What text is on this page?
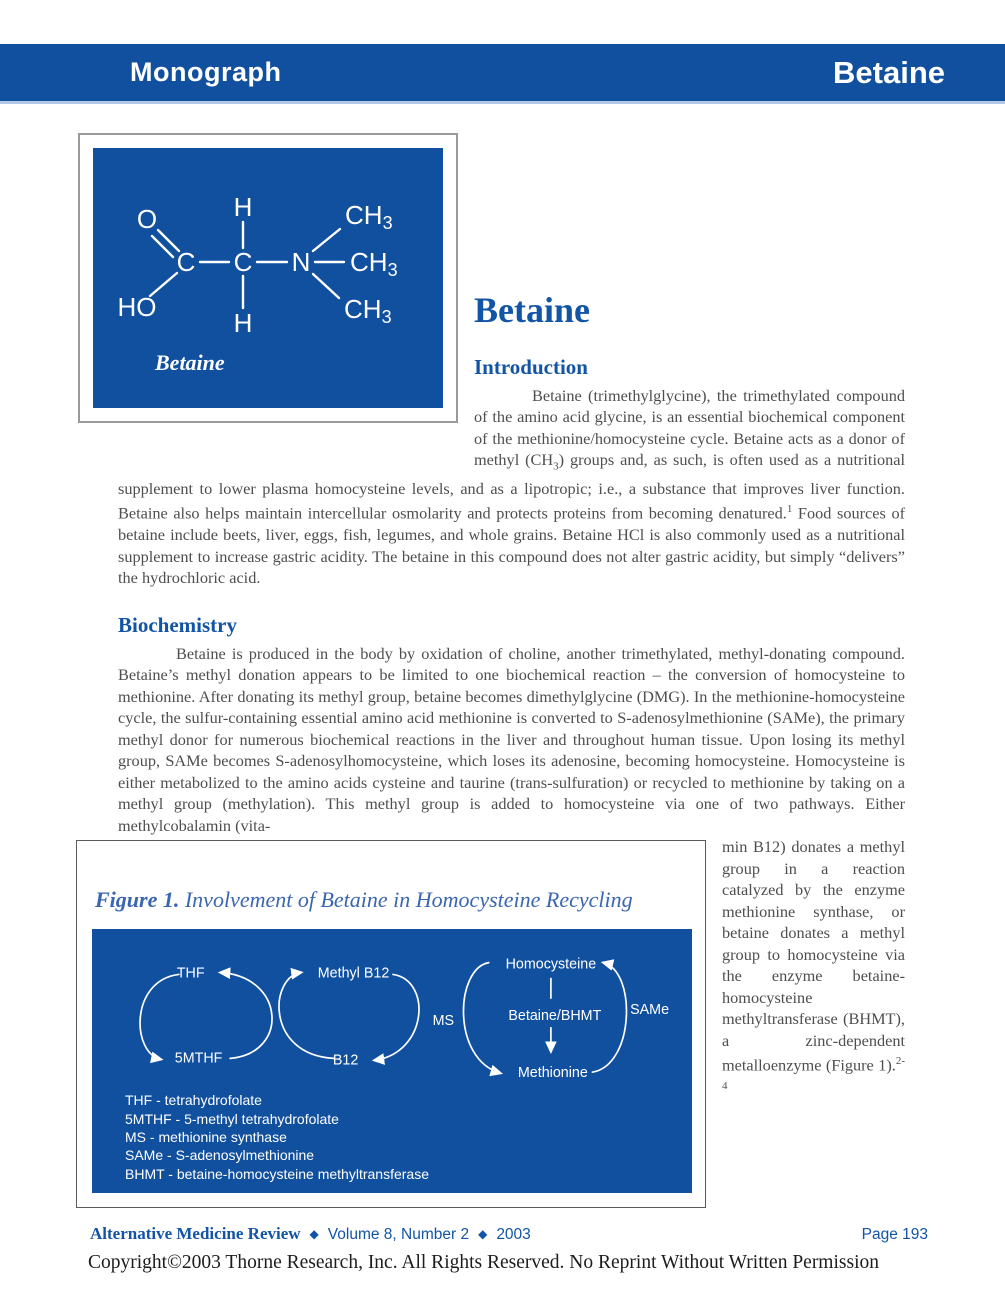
Monograph	Betaine
O
C
HO
H
C
H
N
CH3
CH3
CH3
Betaine
Betaine
Introduction

Betaine (trimethylglycine), the trimethylated compound of the amino acid glycine, is an essential biochemical component of the methionine/homocysteine cycle. Betaine acts as a donor of methyl $(CH_3)$ groups and, as such, is often used as a nutritional supplement to lower plasma homocysteine levels, and as a lipotropic; i.e., a substance that improves liver function. Betaine also helps maintain intercellular osmolarity and protects proteins from becoming denatured.$^1$ Food sources of betaine include beets, liver, eggs, fish, legumes, and whole grains. Betaine HCl is also commonly used as a nutritional supplement to increase gastric acidity. The betaine in this compound does not alter gastric acidity, but simply “delivers” the hydrochloric acid.

Biochemistry

Betaine is produced in the body by oxidation of choline, another trimethylated, methyl-donating compound. Betaine’s methyl donation appears to be limited to one biochemical reaction – the conversion of homocysteine to methionine. After donating its methyl group, betaine becomes dimethylglycine (DMG). In the methionine-homocysteine cycle, the sulfur-containing essential amino acid methionine is converted to S-adenosylmethionine (SAMe), the primary methyl donor for numerous biochemical reactions in the liver and throughout human tissue. Upon losing its methyl group, SAMe becomes S-adenosylhomocysteine, which loses its adenosine, becoming homocysteine. Homocysteine is either metabolized to the amino acids cysteine and taurine (trans-sulfuration) or recycled to methionine by taking on a methyl group (methylation). This methyl group is added to homocysteine via one of two pathways. Either methylcobalamin (vita-

Figure 1. Involvement of Betaine in Homocysteine Recycling
THF
5MTHF
Methyl B12
B12
MS
Homocysteine
Betaine/BHMT
Methionine
SAMe
THF - tetrahydrofolate
5MTHF - 5-methyl tetrahydrofolate
MS - methionine synthase
SAMe - S-adenosylmethionine
BHMT - betaine-homocysteine methyltransferase

min B12) donates a methyl group in a reaction catalyzed by the enzyme methionine synthase, or betaine donates a methyl group to homocysteine via the enzyme betaine-homocysteine methyltransferase (BHMT), a zinc-dependent metalloenzyme (Figure 1).$^{2-4}$

Alternative Medicine Review ◆ Volume 8, Number 2 ◆ 2003	Page 193
Copyright©2003 Thorne Research, Inc. All Rights Reserved. No Reprint Without Written Permission
